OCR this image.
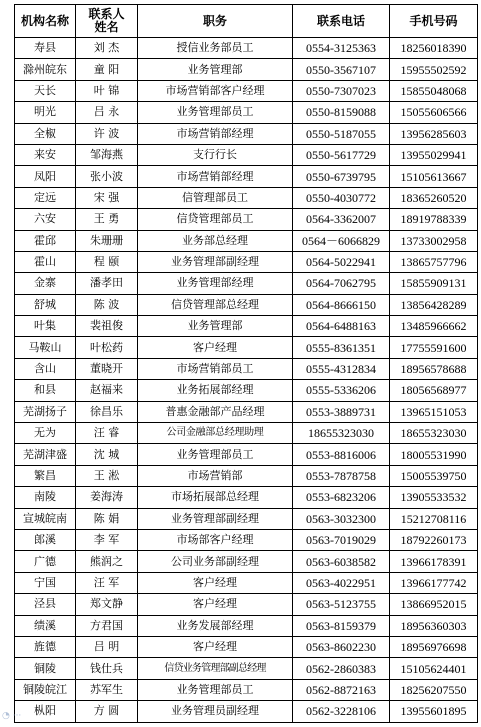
机构名称	联系人姓名	职务	联系电话	手机号码
寿县	刘 杰	授信业务部员工	0554-3125363	18256018390
滁州皖东	童 阳	业务管理部	0550-3567107	15955502592
天长	叶 锦	市场营销部客户经理	0550-7307023	15855048068
明光	吕 永	业务管理部员工	0550-8159088	15055606566
全椒	许 波	市场营销部经理	0550-5187055	13956285603
来安	邹海燕	支行行长	0550-5617729	13955029941
凤阳	张小波	市场营销部经理	0550-6739795	15105613667
定远	宋 强	信管理部员工	0550-4030772	18365260520
六安	王 勇	信贷管理部员工	0564-3362007	18919788339
霍邱	朱珊珊	业务部总经理	0564－6066829	13733002958
霍山	程 颐	业务管理部副经理	0564-5022941	13865757796
金寨	潘孝田	业务管理部经理	0564-7062795	15855909131
舒城	陈 波	信贷管理部总经理	0564-8666150	13856428289
叶集	裴祖俊	业务管理部	0564-6488163	13485966662
马鞍山	叶松药	客户经理	0555-8361351	17755591600
含山	董晓开	市场营销部员工	0555-4312834	18956578688
和县	赵福来	业务拓展部经理	0555-5336206	18056568977
芜湖扬子	徐昌乐	普惠金融部产品经理	0553-3889731	13965151053
无为	汪 睿	公司金融部总经理助理	18655323030	18655323030
芜湖津盛	沈 城	业务管理部员工	0553-8816006	18005531990
繁昌	王 淞	市场营销部	0553-7878758	15005539750
南陵	姜海涛	市场拓展部总经理	0553-6823206	13905533532
宣城皖南	陈 娟	业务管理部副经理	0563-3032300	15212708116
郎溪	李 军	市场部客户经理	0563-7019029	18792260173
广德	熊润之	公司业务部副经理	0563-6038582	13966178391
宁国	汪 军	客户经理	0563-4022951	13966177742
泾县	郑文静	客户经理	0563-5123755	13866952015
绩溪	方君国	业务发展部经理	0563-8159379	18956360303
旌德	吕 明	客户经理	0563-8602230	18956976698
铜陵	钱仕兵	信贷业务管理部副总经理	0562-2860383	15105624401
铜陵皖江	苏军生	业务管理部员工	0562-8872163	18256207550
枞阳	方 圆	业务管理员副经理	0562-3228106	13955601895
◔ ···
